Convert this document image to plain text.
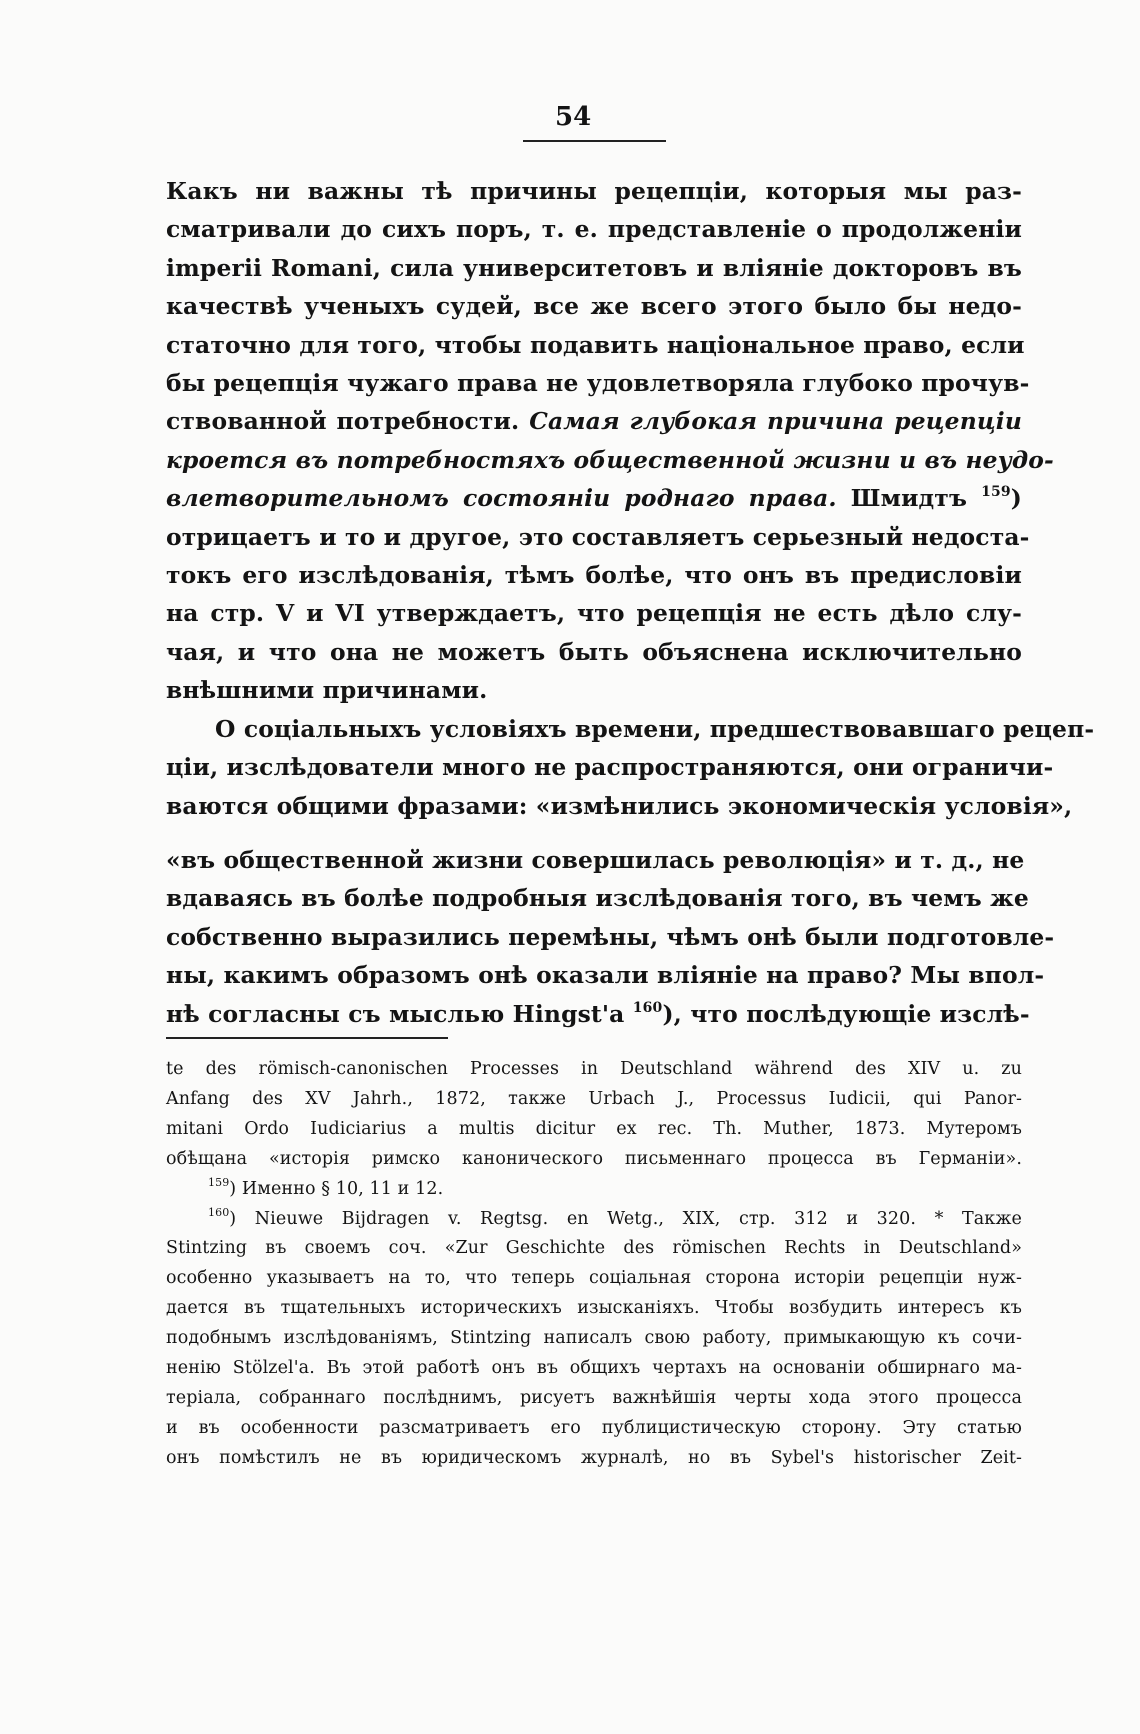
54
Какъ ни важны тѣ причины рецепціи, которыя мы раз-
сматривали до сихъ поръ, т. е. представленіе о продолженіи
imperii Romani, сила университетовъ и вліяніе докторовъ въ
качествѣ ученыхъ судей, все же всего этого было бы недо-
статочно для того, чтобы подавить національное право, если
бы рецепція чужаго права не удовлетворяла глубоко прочув-
ствованной потребности. Самая глубокая причина рецепціи
кроется въ потребностяхъ общественной жизни и въ неудо-
влетворительномъ состояніи роднаго права. Шмидтъ $^{159}$)
отрицаетъ и то и другое, это составляетъ серьезный недоста-
токъ его изслѣдованія, тѣмъ болѣе, что онъ въ предисловіи
на стр. V и VI утверждаетъ, что рецепція не есть дѣло слу-
чая, и что она не можетъ быть объяснена исключительно
внѣшними причинами.
О соціальныхъ условіяхъ времени, предшествовавшаго рецеп-
ціи, изслѣдователи много не распространяются, они ограничи-
ваются общими фразами: «измѣнились экономическія условія»,
«въ общественной жизни совершилась революція» и т. д., не
вдаваясь въ болѣе подробныя изслѣдованія того, въ чемъ же
собственно выразились перемѣны, чѣмъ онѣ были подготовле-
ны, какимъ образомъ онѣ оказали вліяніе на право? Мы впол-
нѣ согласны съ мыслью Hingst'a $^{160}$), что послѣдующіе изслѣ-
te des römisch-canonischen Processes in Deutschland während des XIV u. zu
Anfang des XV Jahrh., 1872, также Urbach J., Processus Iudicii, qui Panor-
mitani Ordo Iudiciarius a multis dicitur ex rec. Th. Muther, 1873. Мутеромъ
обѣщана «исторія римско канонического письменнаго процесса въ Германіи».
$^{159}$) Именно § 10, 11 и 12.
$^{160}$) Nieuwe Bijdragen v. Regtsg. en Wetg., XIX, стр. 312 и 320. * Также
Stintzing въ своемъ соч. «Zur Geschichte des römischen Rechts in Deutschland»
особенно указываетъ на то, что теперь соціальная сторона исторіи рецепціи нуж-
дается въ тщательныхъ историческихъ изысканіяхъ. Чтобы возбудить интересъ къ
подобнымъ изслѣдованіямъ, Stintzing написалъ свою работу, примыкающую къ сочи-
ненію Stölzel'a. Въ этой работѣ онъ въ общихъ чертахъ на основаніи обширнаго ма-
теріала, собраннаго послѣднимъ, рисуетъ важнѣйшія черты хода этого процесса
и въ особенности разсматриваетъ его публицистическую сторону. Эту статью
онъ помѣстилъ не въ юридическомъ журналѣ, но въ Sybel's historischer Zeit-
